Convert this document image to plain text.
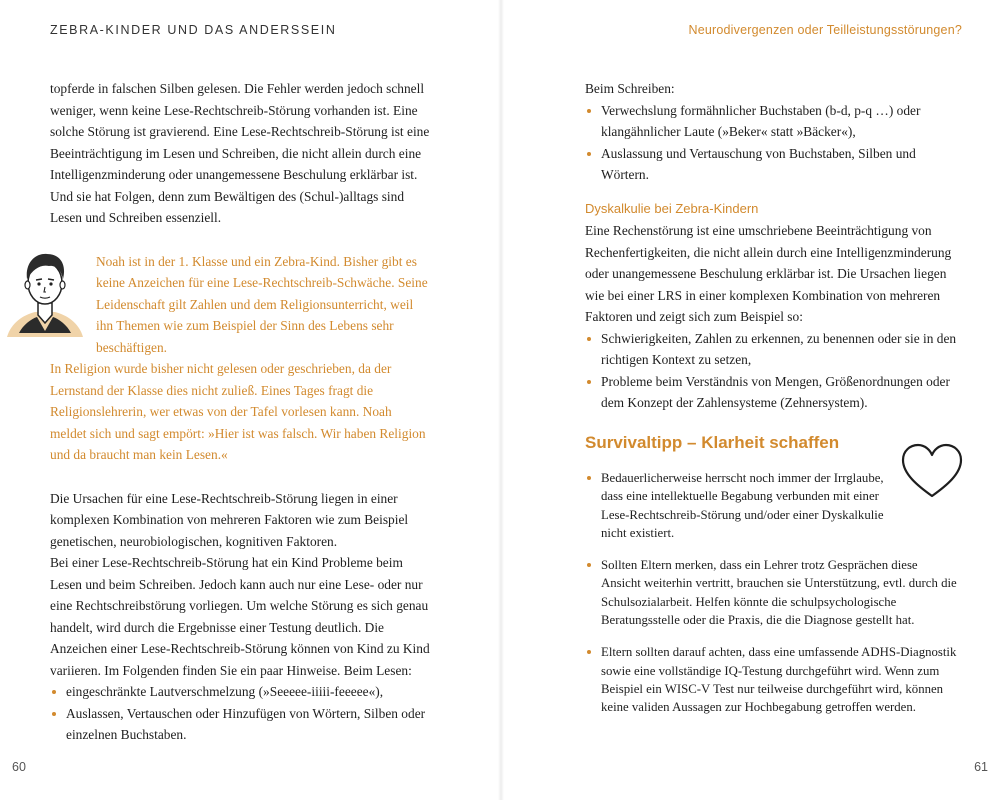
ZEBRA-KINDER UND DAS ANDERSSEIN	Neurodivergenzen oder Teilleistungsstörungen?

topferde in falschen Silben gelesen. Die Fehler werden jedoch schnell weniger, wenn keine Lese-Rechtschreib-Störung vorhanden ist. Eine solche Störung ist gravierend. Eine Lese-Rechtschreib-Störung ist eine Beeinträchtigung im Lesen und Schreiben, die nicht allein durch eine Intelligenzminderung oder unangemessene Beschulung erklärbar ist. Und sie hat Folgen, denn zum Bewältigen des (Schul-)alltags sind Lesen und Schreiben essenziell.

Noah ist in der 1. Klasse und ein Zebra-Kind. Bisher gibt es keine Anzeichen für eine Lese-Rechtschreib-Schwäche. Seine Leidenschaft gilt Zahlen und dem Religionsunterricht, weil ihn Themen wie zum Beispiel der Sinn des Lebens sehr beschäftigen.

In Religion wurde bisher nicht gelesen oder geschrieben, da der Lernstand der Klasse dies nicht zuließ. Eines Tages fragt die Religionslehrerin, wer etwas von der Tafel vorlesen kann. Noah meldet sich und sagt empört: »Hier ist was falsch. Wir haben Religion und da braucht man kein Lesen.«

Die Ursachen für eine Lese-Rechtschreib-Störung liegen in einer komplexen Kombination von mehreren Faktoren wie zum Beispiel genetischen, neurobiologischen, kognitiven Faktoren.

Bei einer Lese-Rechtschreib-Störung hat ein Kind Probleme beim Lesen und beim Schreiben. Jedoch kann auch nur eine Lese- oder nur eine Rechtschreibstörung vorliegen. Um welche Störung es sich genau handelt, wird durch die Ergebnisse einer Testung deutlich. Die Anzeichen einer Lese-Rechtschreib-Störung können von Kind zu Kind variieren. Im Folgenden finden Sie ein paar Hinweise. Beim Lesen:

eingeschränkte Lautverschmelzung (»Seeeee-iiiii-feeeee«),
Auslassen, Vertauschen oder Hinzufügen von Wörtern, Silben oder einzelnen Buchstaben.

Beim Schreiben:

Verwechslung formähnlicher Buchstaben (b-d, p-q …) oder klangähnlicher Laute (»Beker« statt »Bäcker«),
Auslassung und Vertauschung von Buchstaben, Silben und Wörtern.
Dyskalkulie bei Zebra-Kindern

Eine Rechenstörung ist eine umschriebene Beeinträchtigung von Rechenfertigkeiten, die nicht allein durch eine Intelligenzminderung oder unangemessene Beschulung erklärbar ist. Die Ursachen liegen wie bei einer LRS in einer komplexen Kombination von mehreren Faktoren und zeigt sich zum Beispiel so:

Schwierigkeiten, Zahlen zu erkennen, zu benennen oder sie in den richtigen Kontext zu setzen,
Probleme beim Verständnis von Mengen, Größenordnungen oder dem Konzept der Zahlensysteme (Zehnersystem).
Survivaltipp – Klarheit schaffen
Bedauerlicherweise herrscht noch immer der Irrglaube, dass eine intellektuelle Begabung verbunden mit einer Lese-Rechtschreib-Störung und/oder einer Dyskalkulie nicht existiert.
Sollten Eltern merken, dass ein Lehrer trotz Gesprächen diese Ansicht weiterhin vertritt, brauchen sie Unterstützung, evtl. durch die Schulsozialarbeit. Helfen könnte die schulpsychologische Beratungsstelle oder die Praxis, die die Diagnose gestellt hat.
Eltern sollten darauf achten, dass eine umfassende ADHS-Diagnostik sowie eine vollständige IQ-Testung durchgeführt wird. Wenn zum Beispiel ein WISC-V Test nur teilweise durchgeführt wird, können keine validen Aussagen zur Hochbegabung getroffen werden.
60	61
